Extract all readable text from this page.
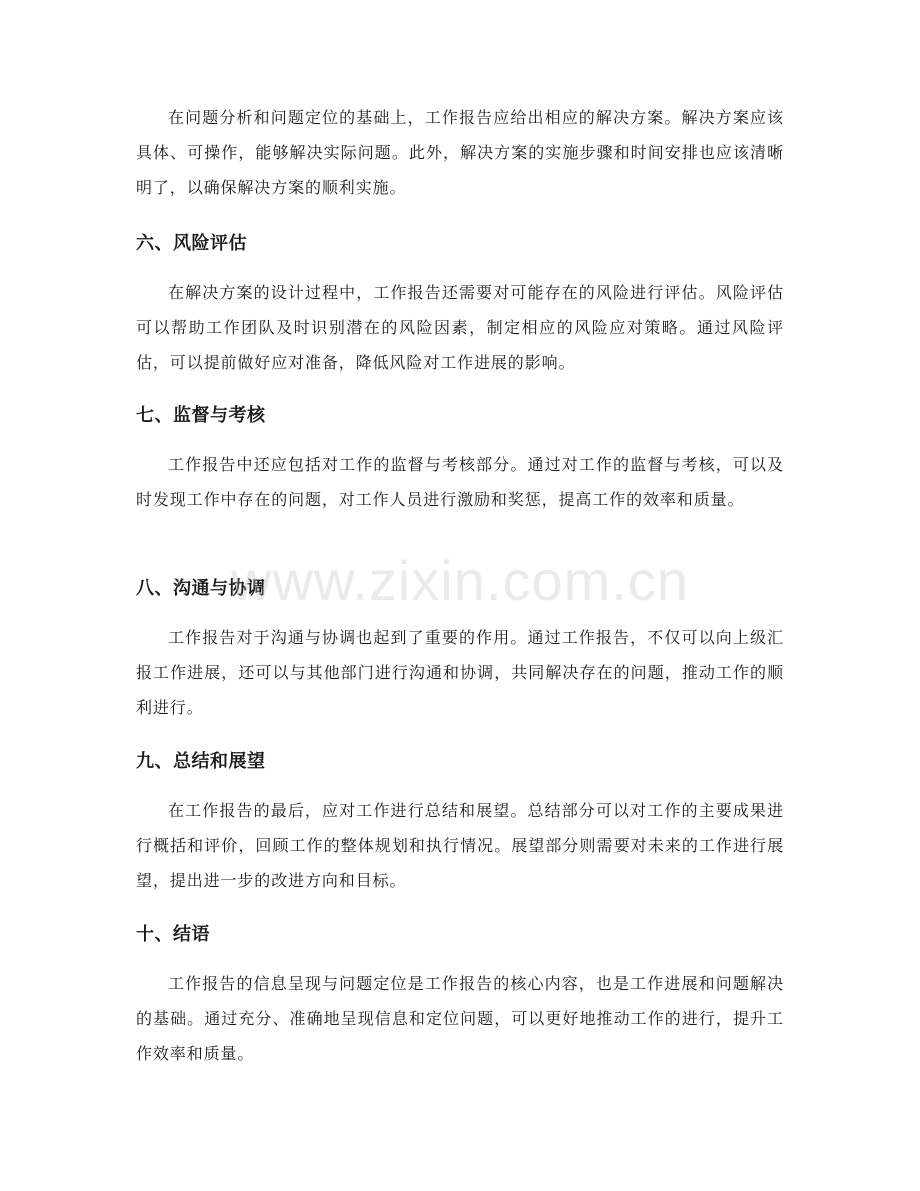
在问题分析和问题定位的基础上，工作报告应给出相应的解决方案。解决方案应该具体、可操作，能够解决实际问题。此外，解决方案的实施步骤和时间安排也应该清晰明了，以确保解决方案的顺利实施。

六、风险评估

在解决方案的设计过程中，工作报告还需要对可能存在的风险进行评估。风险评估可以帮助工作团队及时识别潜在的风险因素，制定相应的风险应对策略。通过风险评估，可以提前做好应对准备，降低风险对工作进展的影响。

七、监督与考核

工作报告中还应包括对工作的监督与考核部分。通过对工作的监督与考核，可以及时发现工作中存在的问题，对工作人员进行激励和奖惩，提高工作的效率和质量。

八、沟通与协调

工作报告对于沟通与协调也起到了重要的作用。通过工作报告，不仅可以向上级汇报工作进展，还可以与其他部门进行沟通和协调，共同解决存在的问题，推动工作的顺利进行。

九、总结和展望

在工作报告的最后，应对工作进行总结和展望。总结部分可以对工作的主要成果进行概括和评价，回顾工作的整体规划和执行情况。展望部分则需要对未来的工作进行展望，提出进一步的改进方向和目标。

十、结语

工作报告的信息呈现与问题定位是工作报告的核心内容，也是工作进展和问题解决的基础。通过充分、准确地呈现信息和定位问题，可以更好地推动工作的进行，提升工作效率和质量。

www.zixin.com.cn
